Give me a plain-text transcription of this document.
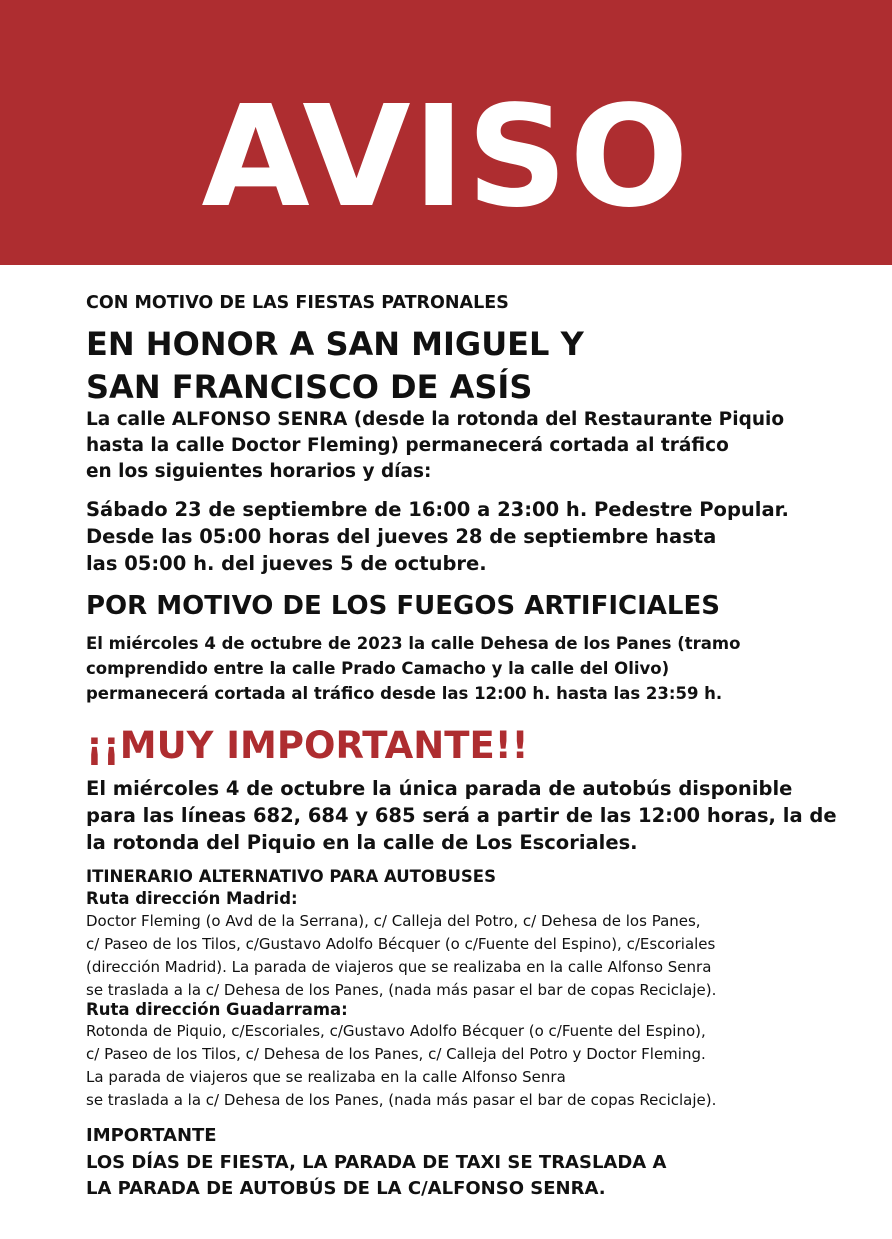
AVISO
CON MOTIVO DE LAS FIESTAS PATRONALES
EN HONOR A SAN MIGUEL Y
SAN FRANCISCO DE ASÍS
La calle ALFONSO SENRA (desde la rotonda del Restaurante Piquio
hasta la calle Doctor Fleming) permanecerá cortada al tráfico
en los siguientes horarios y días:
Sábado 23 de septiembre de 16:00 a 23:00 h. Pedestre Popular.
Desde las 05:00 horas del jueves 28 de septiembre hasta
las 05:00 h. del jueves 5 de octubre.
POR MOTIVO DE LOS FUEGOS ARTIFICIALES
El miércoles 4 de octubre de 2023 la calle Dehesa de los Panes (tramo
comprendido entre la calle Prado Camacho y la calle del Olivo)
permanecerá cortada al tráfico desde las 12:00 h. hasta las 23:59 h.
¡¡MUY IMPORTANTE!!
El miércoles 4 de octubre la única parada de autobús disponible
para las líneas 682, 684 y 685 será a partir de las 12:00 horas, la de
la rotonda del Piquio en la calle de Los Escoriales.
ITINERARIO ALTERNATIVO PARA AUTOBUSES
Ruta dirección Madrid:
Doctor Fleming (o Avd de la Serrana), c/ Calleja del Potro, c/ Dehesa de los Panes,
c/ Paseo de los Tilos, c/Gustavo Adolfo Bécquer (o c/Fuente del Espino), c/Escoriales
(dirección Madrid). La parada de viajeros que se realizaba en la calle Alfonso Senra
se traslada a la c/ Dehesa de los Panes, (nada más pasar el bar de copas Reciclaje).
Ruta dirección Guadarrama:
Rotonda de Piquio, c/Escoriales, c/Gustavo Adolfo Bécquer (o c/Fuente del Espino),
c/ Paseo de los Tilos, c/ Dehesa de los Panes, c/ Calleja del Potro y Doctor Fleming.
La parada de viajeros que se realizaba en la calle Alfonso Senra
se traslada a la c/ Dehesa de los Panes, (nada más pasar el bar de copas Reciclaje).
IMPORTANTE
LOS DÍAS DE FIESTA, LA PARADA DE TAXI SE TRASLADA A
LA PARADA DE AUTOBÚS DE LA C/ALFONSO SENRA.
